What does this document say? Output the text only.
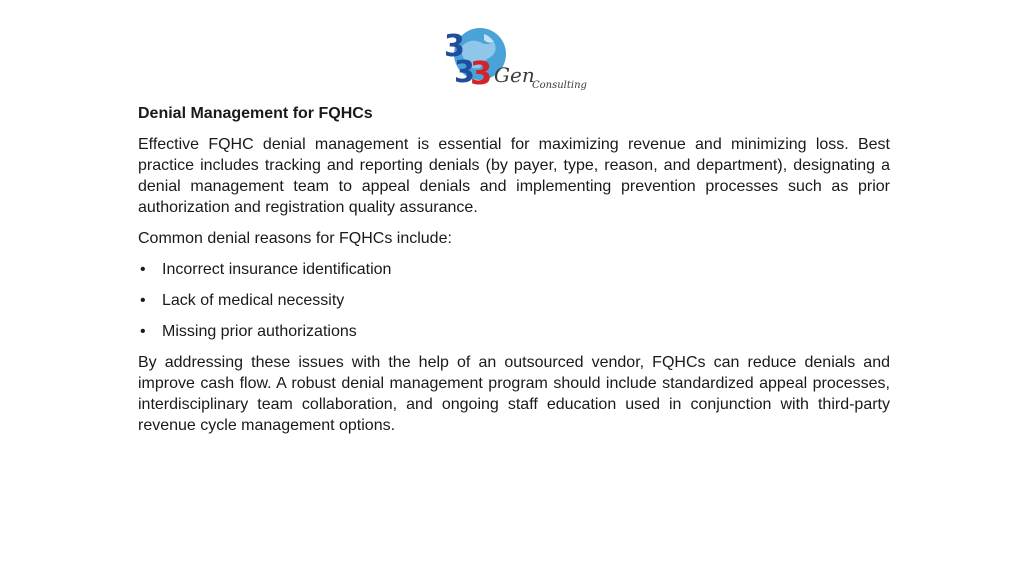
3
3
3 Gen
Consulting
Denial Management for FQHCs
Effective FQHC denial management is essential for maximizing revenue and minimizing loss. Best practice includes tracking and reporting denials (by payer, type, reason, and department), designating a denial management team to appeal denials and implementing prevention processes such as prior authorization and registration quality assurance.
Common denial reasons for FQHCs include:
• Incorrect insurance identification
• Lack of medical necessity
• Missing prior authorizations
By addressing these issues with the help of an outsourced vendor, FQHCs can reduce denials and improve cash flow. A robust denial management program should include standardized appeal processes, interdisciplinary team collaboration, and ongoing staff education used in conjunction with third-party revenue cycle management options.
